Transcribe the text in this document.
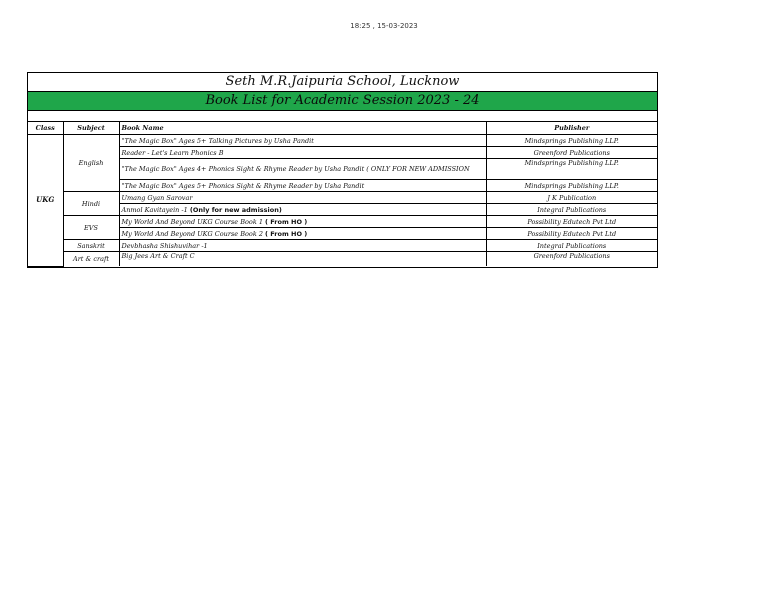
18:25 , 15-03-2023
Seth M.R.Jaipuria School, Lucknow
Book List for Academic Session 2023 - 24
Class	Subject	Book Name	Publisher
UKG	English	"The Magic Box" Ages 5+ Talking Pictures by Usha Pandit	Mindsprings Publishing LLP.
		Reader - Let's Learn Phonics B	Greenford Publications
		"The Magic Box" Ages 4+ Phonics Sight & Rhyme Reader by Usha Pandit ( ONLY FOR NEW ADMISSION	Mindsprings Publishing LLP.
		"The Magic Box" Ages 5+ Phonics Sight & Rhyme Reader by Usha Pandit	Mindsprings Publishing LLP.
	Hindi	Umang Gyan Sarovar	J K Publication
		Anmol Kavitayein -1 (Only for new admission)	Integral Publications
	EVS	My World And Beyond UKG Course Book 1 ( From HO )	Possibility Edutech Pvt Ltd
		My World And Beyond UKG Course Book 2 ( From HO )	Possibility Edutech Pvt Ltd
	Sanskrit	Devbhasha Shishuvihar -1	Integral Publications
	Art & craft	Big Jees Art & Craft C	Greenford Publications
